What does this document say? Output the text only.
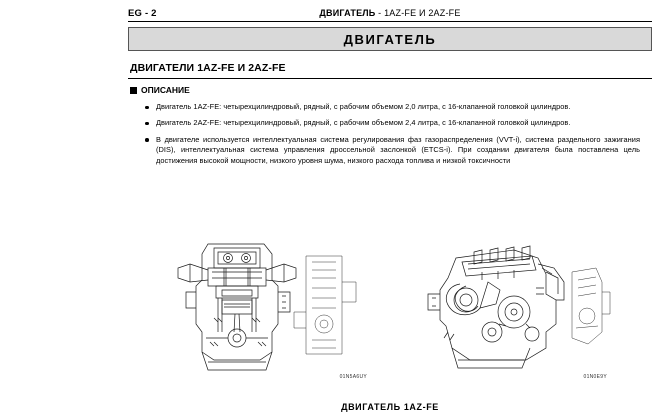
EG - 2	ДВИГАТЕЛЬ - 1AZ-FE И 2AZ-FE
ДВИГАТЕЛЬ
ДВИГАТЕЛИ 1AZ-FE И 2AZ-FE
ОПИСАНИЕ
Двигатель 1AZ-FE: четырехцилиндровый, рядный, с рабочим объемом 2,0 литра, с 16-клапанной головкой цилиндров.
Двигатель 2AZ-FE: четырехцилиндровый, рядный, с рабочим объемом 2,4 литра, с 16-клапанной головкой цилиндров.
В двигателе используется интеллектуальная система регулирования фаз газораспределения (VVT-i), система раздельного зажигания (DIS), интеллектуальная система управления дроссельной заслонкой (ETCS-i). При создании двигателя была поставлена цель достижения высокой мощности, низкого уровня шума, низкого расхода топлива и низкой токсичности
01N5A6UY	01N0E9Y
ДВИГАТЕЛЬ 1AZ-FE
